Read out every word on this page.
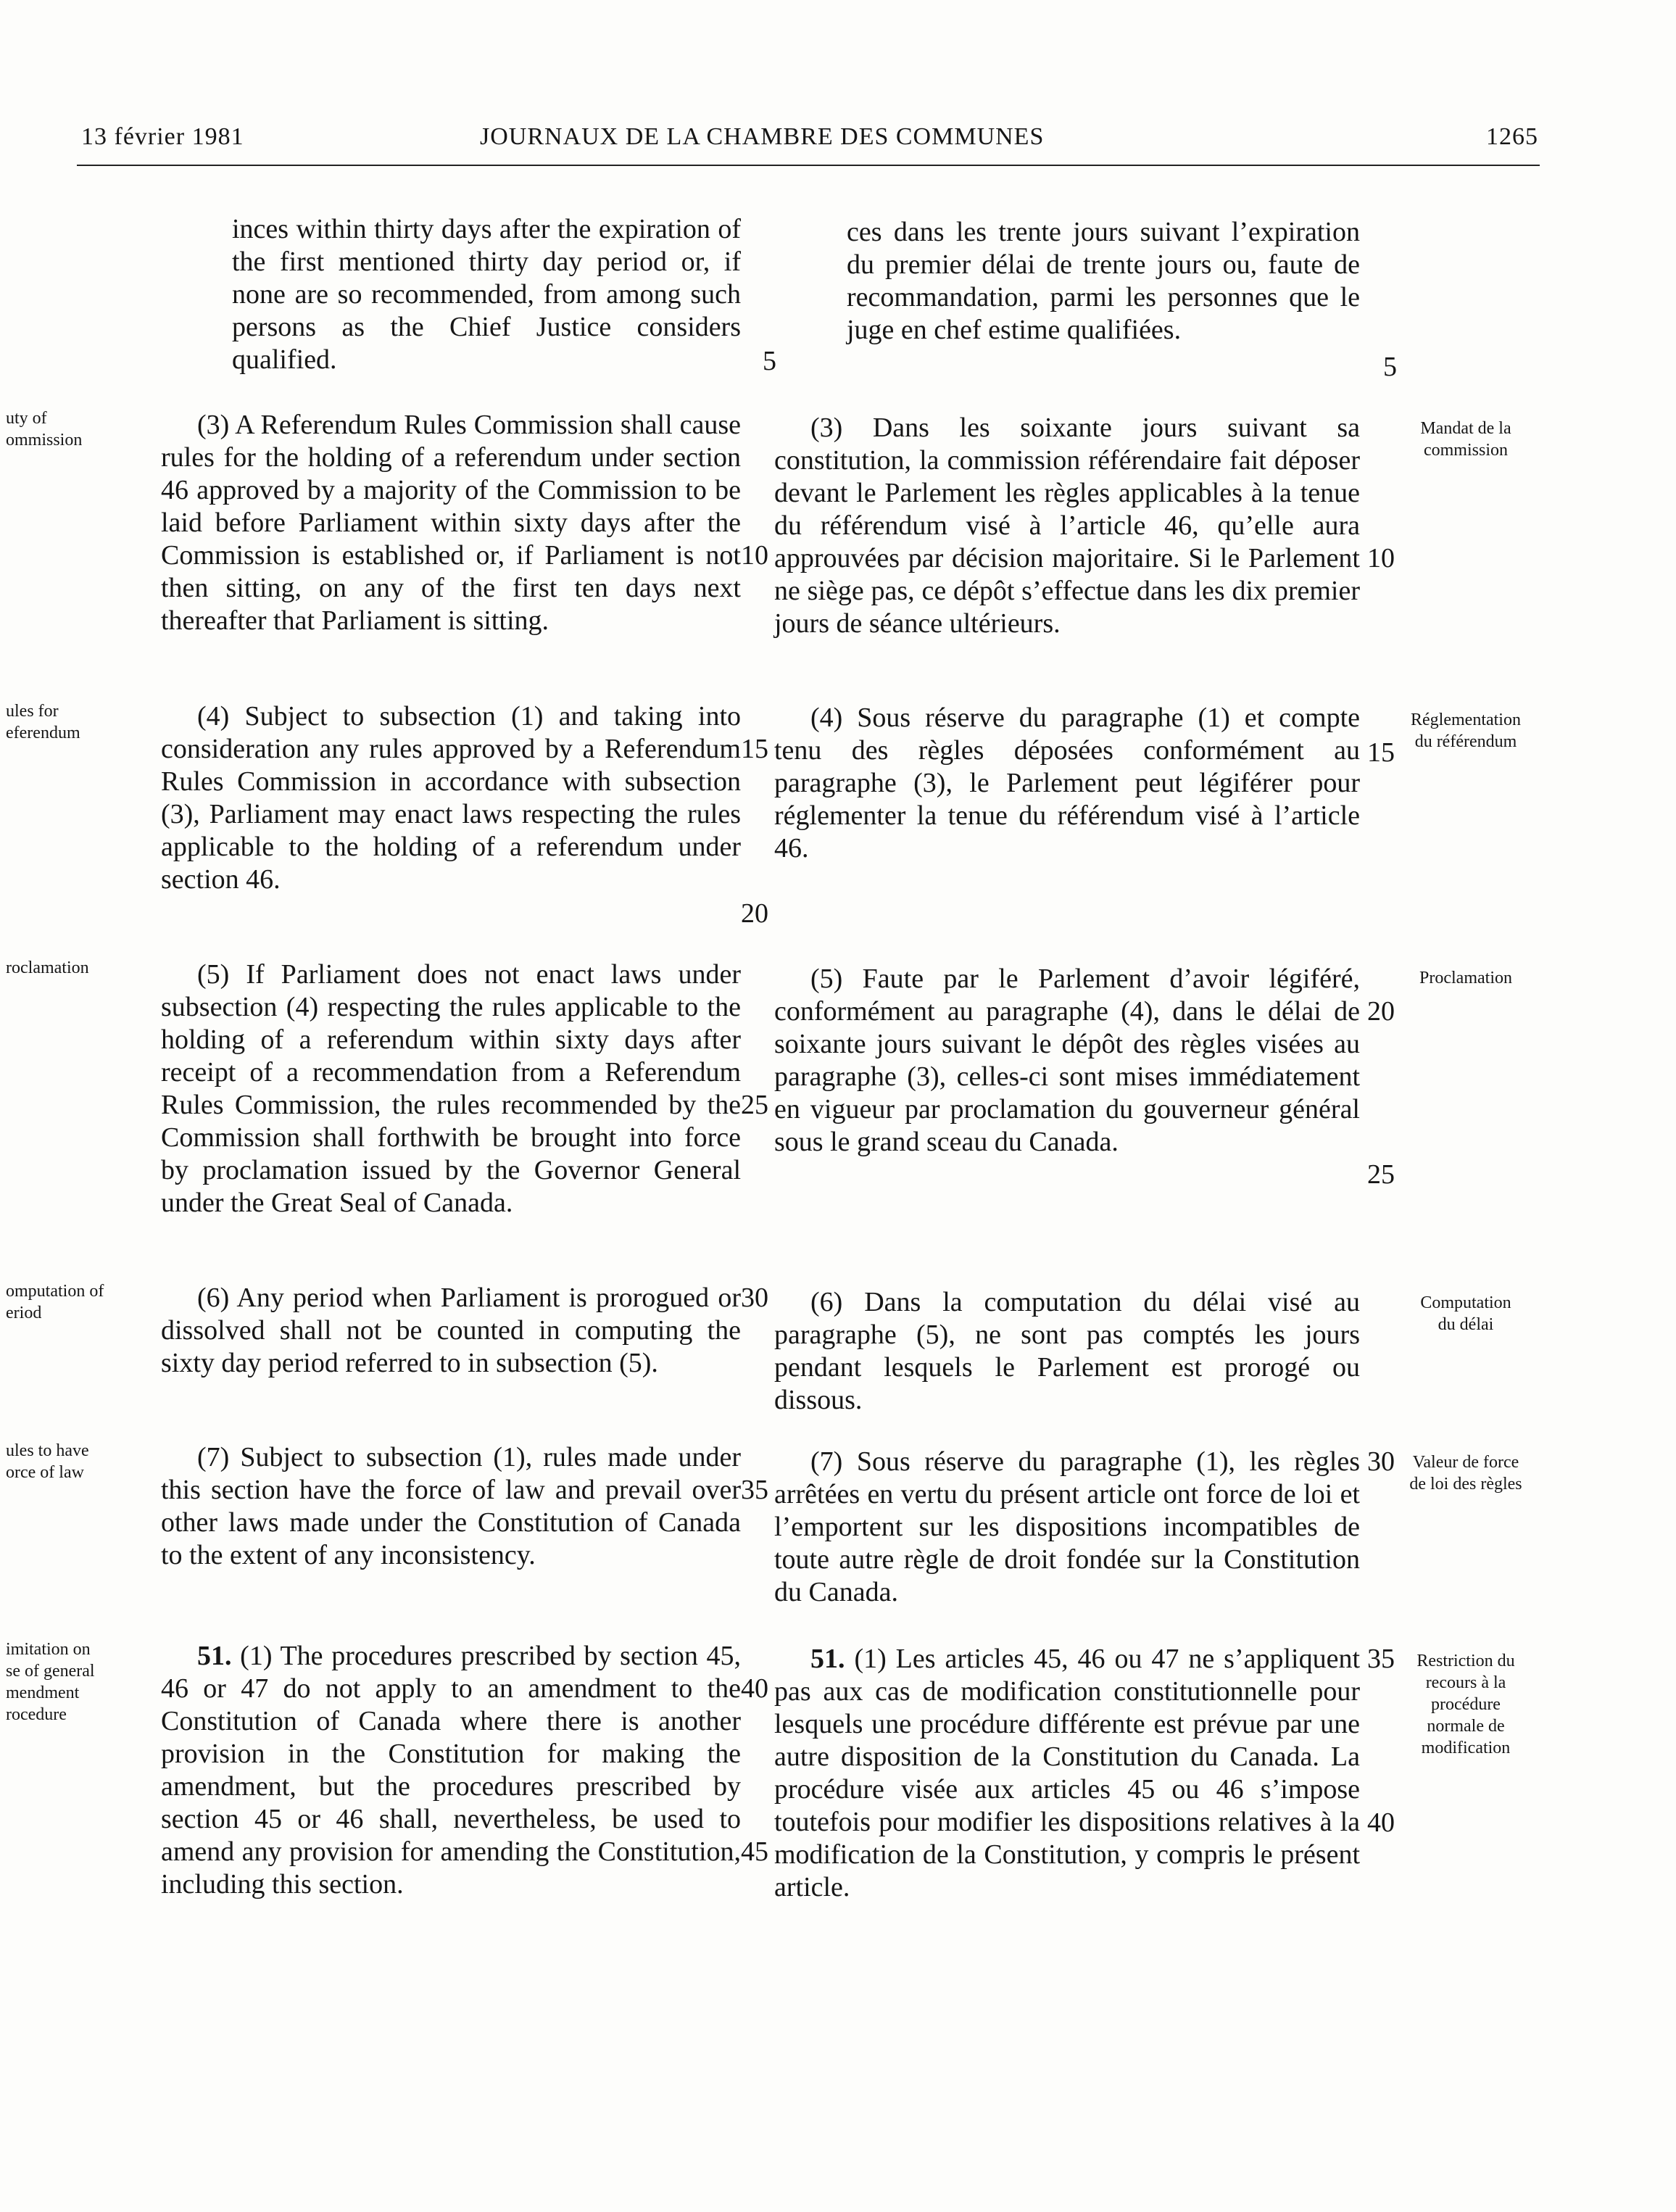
13 février 1981	JOURNAUX DE LA CHAMBRE DES COMMUNES	1265

inces within thirty days after the expiration of the first mentioned thirty day period or, if none are so recommended, from among such persons as the Chief Justice considers qualified.

(3) A Referendum Rules Commission shall cause rules for the holding of a referendum under section 46 approved by a majority of the Commission to be laid before Parliament within sixty days after the Commission is established or, if Parliament is not then sitting, on any of the first ten days next thereafter that Parliament is sitting.

(4) Subject to subsection (1) and taking into consideration any rules approved by a Referendum Rules Commission in accordance with subsection (3), Parliament may enact laws respecting the rules applicable to the holding of a referendum under section 46.

(5) If Parliament does not enact laws under subsection (4) respecting the rules applicable to the holding of a referendum within sixty days after receipt of a recommendation from a Referendum Rules Commission, the rules recommended by the Commission shall forthwith be brought into force by proclamation issued by the Governor General under the Great Seal of Canada.

(6) Any period when Parliament is prorogued or dissolved shall not be counted in computing the sixty day period referred to in subsection (5).

(7) Subject to subsection (1), rules made under this section have the force of law and prevail over other laws made under the Constitution of Canada to the extent of any inconsistency.

51. (1) The procedures prescribed by section 45, 46 or 47 do not apply to an amendment to the Constitution of Canada where there is another provision in the Constitution for making the amendment, but the procedures prescribed by section 45 or 46 shall, nevertheless, be used to amend any provision for amending the Constitution, including this section.

ces dans les trente jours suivant l’expiration du premier délai de trente jours ou, faute de recommandation, parmi les personnes que le juge en chef estime qualifiées.

(3) Dans les soixante jours suivant sa constitution, la commission référendaire fait déposer devant le Parlement les règles applicables à la tenue du référendum visé à l’article 46, qu’elle aura approuvées par décision majoritaire. Si le Parlement ne siège pas, ce dépôt s’effectue dans les dix premier jours de séance ultérieurs.

(4) Sous réserve du paragraphe (1) et compte tenu des règles déposées conformément au paragraphe (3), le Parlement peut légiférer pour réglementer la tenue du référendum visé à l’article 46.

(5) Faute par le Parlement d’avoir légiféré, conformément au paragraphe (4), dans le délai de soixante jours suivant le dépôt des règles visées au paragraphe (3), celles-ci sont mises immédiatement en vigueur par proclamation du gouverneur général sous le grand sceau du Canada.

(6) Dans la computation du délai visé au paragraphe (5), ne sont pas comptés les jours pendant lesquels le Parlement est prorogé ou dissous.

(7) Sous réserve du paragraphe (1), les règles arrêtées en vertu du présent article ont force de loi et l’emportent sur les dispositions incompatibles de toute autre règle de droit fondée sur la Constitution du Canada.

51. (1) Les articles 45, 46 ou 47 ne s’appliquent pas aux cas de modification constitutionnelle pour lesquels une procédure différente est prévue par une autre disposition de la Constitution du Canada. La procédure visée aux articles 45 ou 46 s’impose toutefois pour modifier les dispositions relatives à la modification de la Constitution, y compris le présent article.

5
10
15
20
25
30
35
40
45
5
10
15
20
25
30
35
40
uty of
ommission
ules for
eferendum
roclamation
omputation of
eriod
ules to have
orce of law
imitation on
se of general
mendment
rocedure
Mandat de la
commission
Réglementation
du référendum
Proclamation
Computation
du délai
Valeur de force
de loi des règles
Restriction du
recours à la
procédure
normale de
modification
